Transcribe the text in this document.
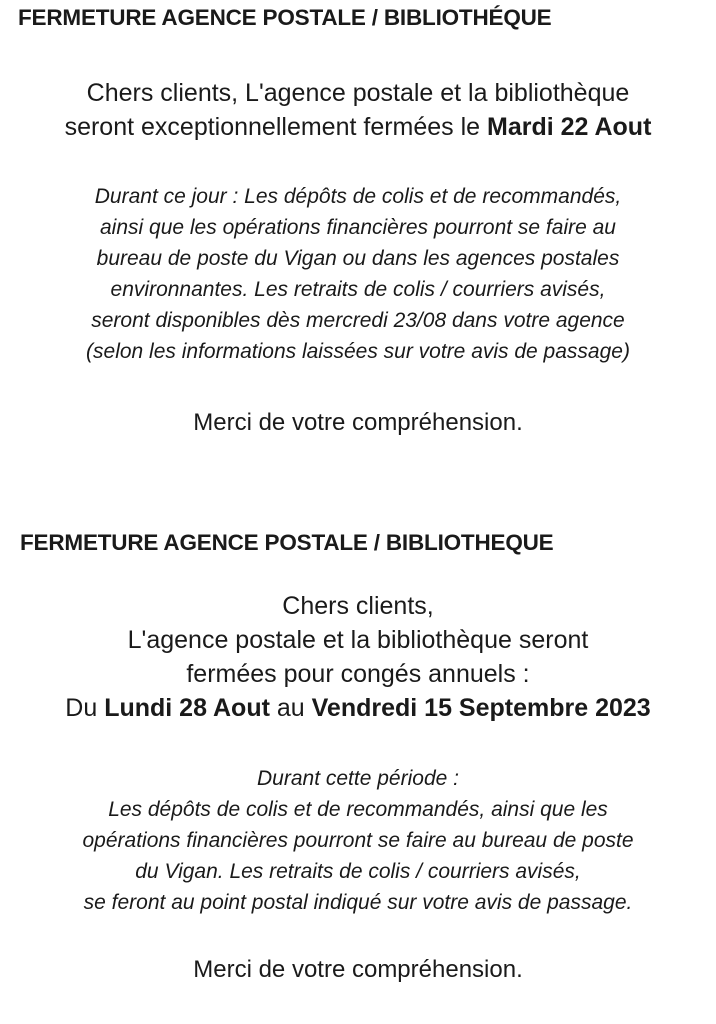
FERMETURE AGENCE POSTALE / BIBLIOTHÉQUE

Chers clients, L'agence postale et la bibliothèque
seront exceptionnellement fermées le Mardi 22 Aout

Durant ce jour : Les dépôts de colis et de recommandés,
ainsi que les opérations financières pourront se faire au
bureau de poste du Vigan ou dans les agences postales
environnantes. Les retraits de colis / courriers avisés,
seront disponibles dès mercredi 23/08 dans votre agence
(selon les informations laissées sur votre avis de passage)

Merci de votre compréhension.

FERMETURE AGENCE POSTALE / BIBLIOTHEQUE

Chers clients,
L'agence postale et la bibliothèque seront
fermées pour congés annuels :
Du Lundi 28 Aout au Vendredi 15 Septembre 2023

Durant cette période :
Les dépôts de colis et de recommandés, ainsi que les
opérations financières pourront se faire au bureau de poste
du Vigan. Les retraits de colis / courriers avisés,
se feront au point postal indiqué sur votre avis de passage.

Merci de votre compréhension.
